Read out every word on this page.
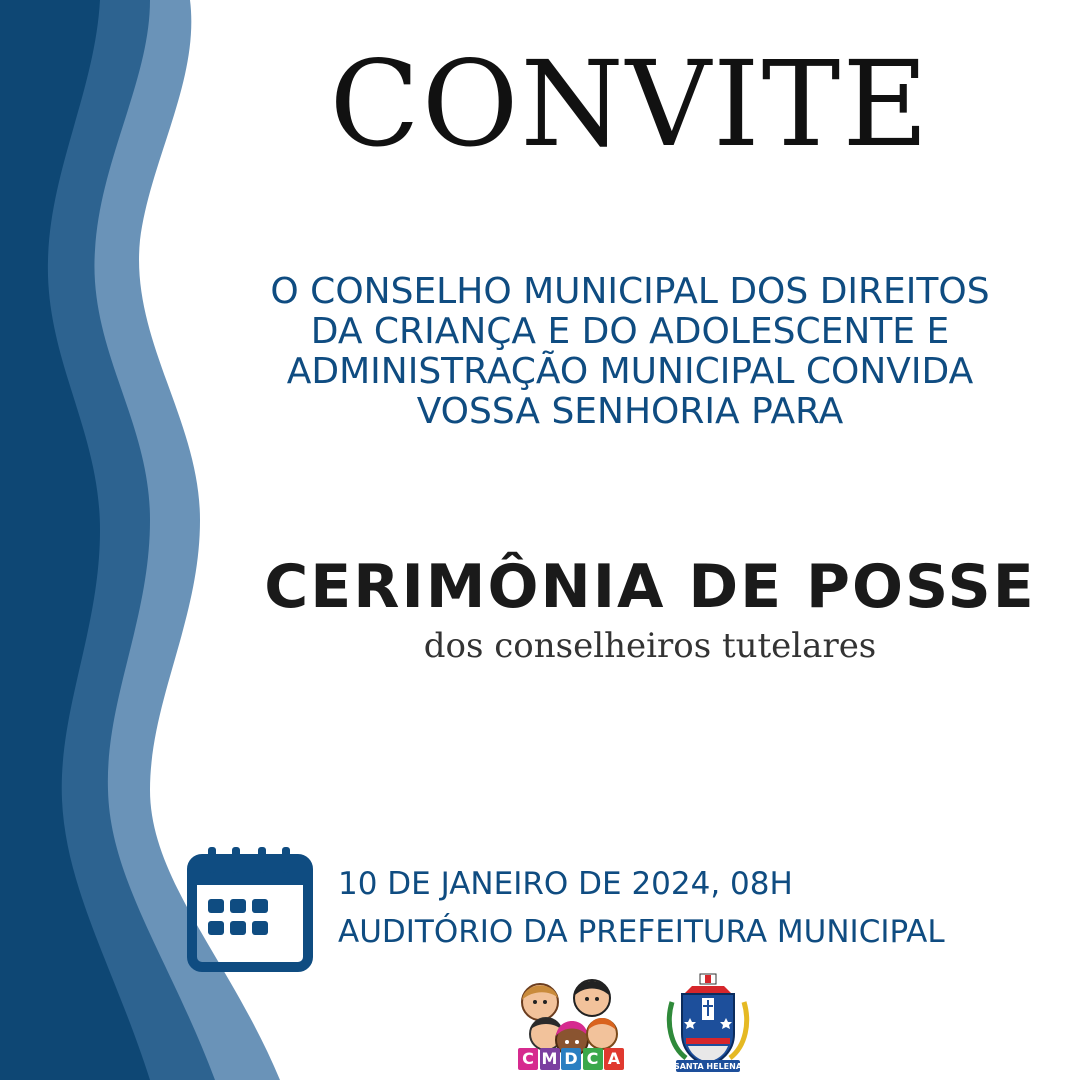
CONVITE

O CONSELHO MUNICIPAL DOS DIREITOS
DA CRIANÇA E DO ADOLESCENTE E
ADMINISTRAÇÃO MUNICIPAL CONVIDA
VOSSA SENHORIA PARA

CERIMÔNIA DE POSSE
dos conselheiros tutelares
10 DE JANEIRO DE 2024, 08H
AUDITÓRIO DA PREFEITURA MUNICIPAL
C M D C A	SANTA HELENA
